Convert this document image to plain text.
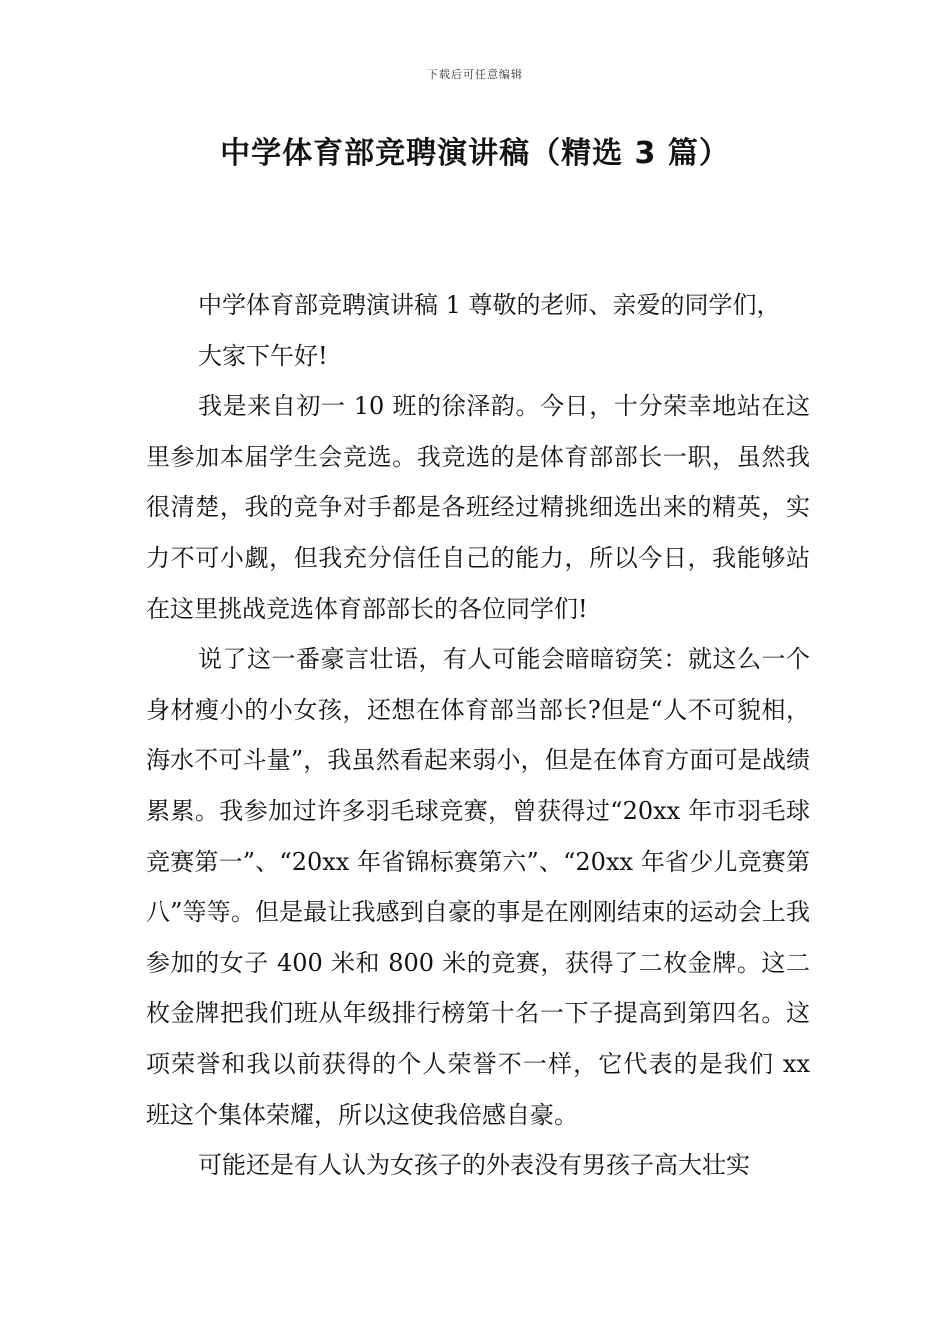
下载后可任意编辑
中学体育部竞聘演讲稿（精选 3 篇）

中学体育部竞聘演讲稿 1 尊敬的老师、亲爱的同学们，

大家下午好!

我是来自初一 10 班的徐泽韵。今日，十分荣幸地站在这里参加本届学生会竞选。我竞选的是体育部部长一职，虽然我很清楚，我的竞争对手都是各班经过精挑细选出来的精英，实力不可小觑，但我充分信任自己的能力，所以今日，我能够站在这里挑战竞选体育部部长的各位同学们!

说了这一番豪言壮语，有人可能会暗暗窃笑：就这么一个身材瘦小的小女孩，还想在体育部当部长?但是“人不可貌相，海水不可斗量”，我虽然看起来弱小，但是在体育方面可是战绩累累。我参加过许多羽毛球竞赛，曾获得过“20xx 年市羽毛球竞赛第一”、“20xx 年省锦标赛第六”、“20xx 年省少儿竞赛第八”等等。但是最让我感到自豪的事是在刚刚结束的运动会上我参加的女子 400 米和 800 米的竞赛，获得了二枚金牌。这二枚金牌把我们班从年级排行榜第十名一下子提高到第四名。这项荣誉和我以前获得的个人荣誉不一样，它代表的是我们 xx 班这个集体荣耀，所以这使我倍感自豪。

可能还是有人认为女孩子的外表没有男孩子高大壮实
